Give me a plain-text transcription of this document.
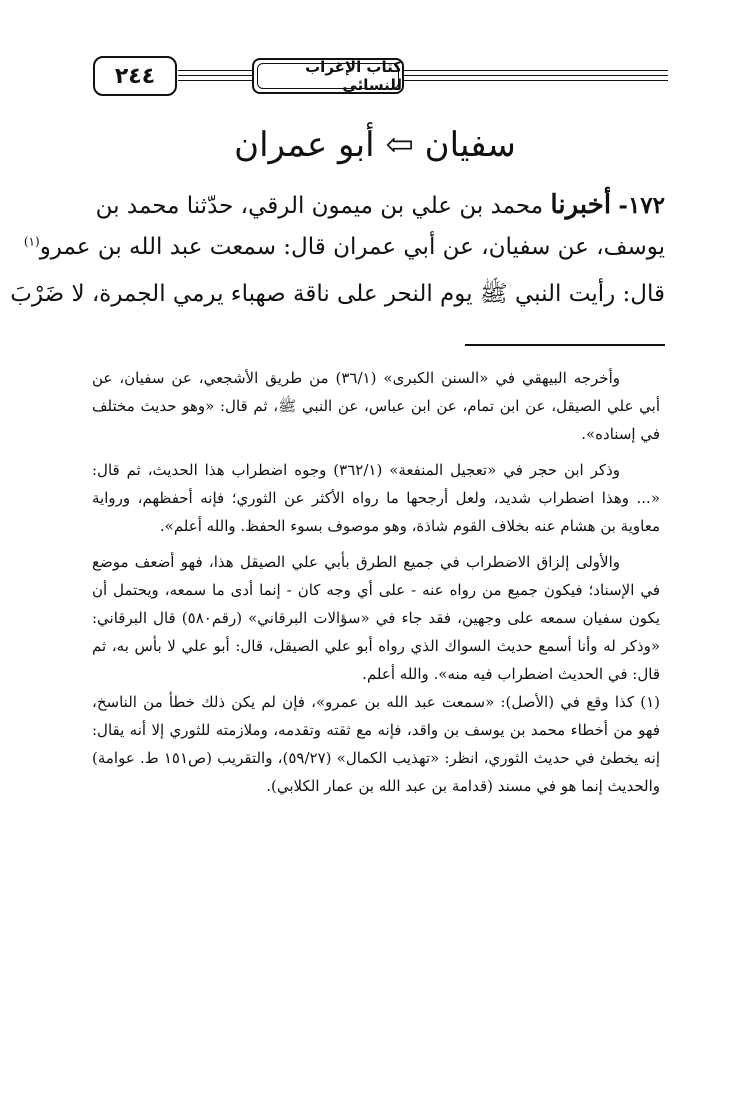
كتاب الإغراب للنسائي
٢٤٤
سفيان ⇦ أبو عمران
١٧٢- أخبرنا محمد بن علي بن ميمون الرقي، حدّثنا محمد بن
يوسف، عن سفيان، عن أبي عمران قال: سمعت عبد الله بن عمرو$^{(١)}$
قال: رأيت النبي ﷺ يوم النحر على ناقة صهباء يرمي الجمرة، لا ضَرْبَ

وأخرجه البيهقي في «السنن الكبرى» (٣٦/١) من طريق الأشجعي، عن سفيان، عن أبي علي الصيقل، عن ابن تمام، عن ابن عباس، عن النبي ﷺ، ثم قال: «وهو حديث مختلف في إسناده».

وذكر ابن حجر في «تعجيل المنفعة» (٣٦٢/١) وجوه اضطراب هذا الحديث، ثم قال: «... وهذا اضطراب شديد، ولعل أرجحها ما رواه الأكثر عن الثوري؛ فإنه أحفظهم، ورواية معاوية بن هشام عنه بخلاف القوم شاذة، وهو موصوف بسوء الحفظ. والله أعلم».

والأولى إلزاق الاضطراب في جميع الطرق بأبي علي الصيقل هذا، فهو أضعف موضع في الإسناد؛ فيكون جميع من رواه عنه - على أي وجه كان - إنما أدى ما سمعه، ويحتمل أن يكون سفيان سمعه على وجهين، فقد جاء في «سؤالات البرقاني» (رقم٥٨٠) قال البرقاني: «وذكر له وأنا أسمع حديث السواك الذي رواه أبو علي الصيقل، قال: أبو علي لا بأس به، ثم قال: في الحديث اضطراب فيه منه». والله أعلم.

(١) كذا وقع في (الأصل): «سمعت عبد الله بن عمرو»، فإن لم يكن ذلك خطأ من الناسخ، فهو من أخطاء محمد بن يوسف بن واقد، فإنه مع ثقته وتقدمه، وملازمته للثوري إلا أنه يقال: إنه يخطئ في حديث الثوري، انظر: «تهذيب الكمال» (٥٩/٢٧)، والتقريب (ص١٥١ ط. عوامة) والحديث إنما هو في مسند (قدامة بن عبد الله بن عمار الكلابي).
